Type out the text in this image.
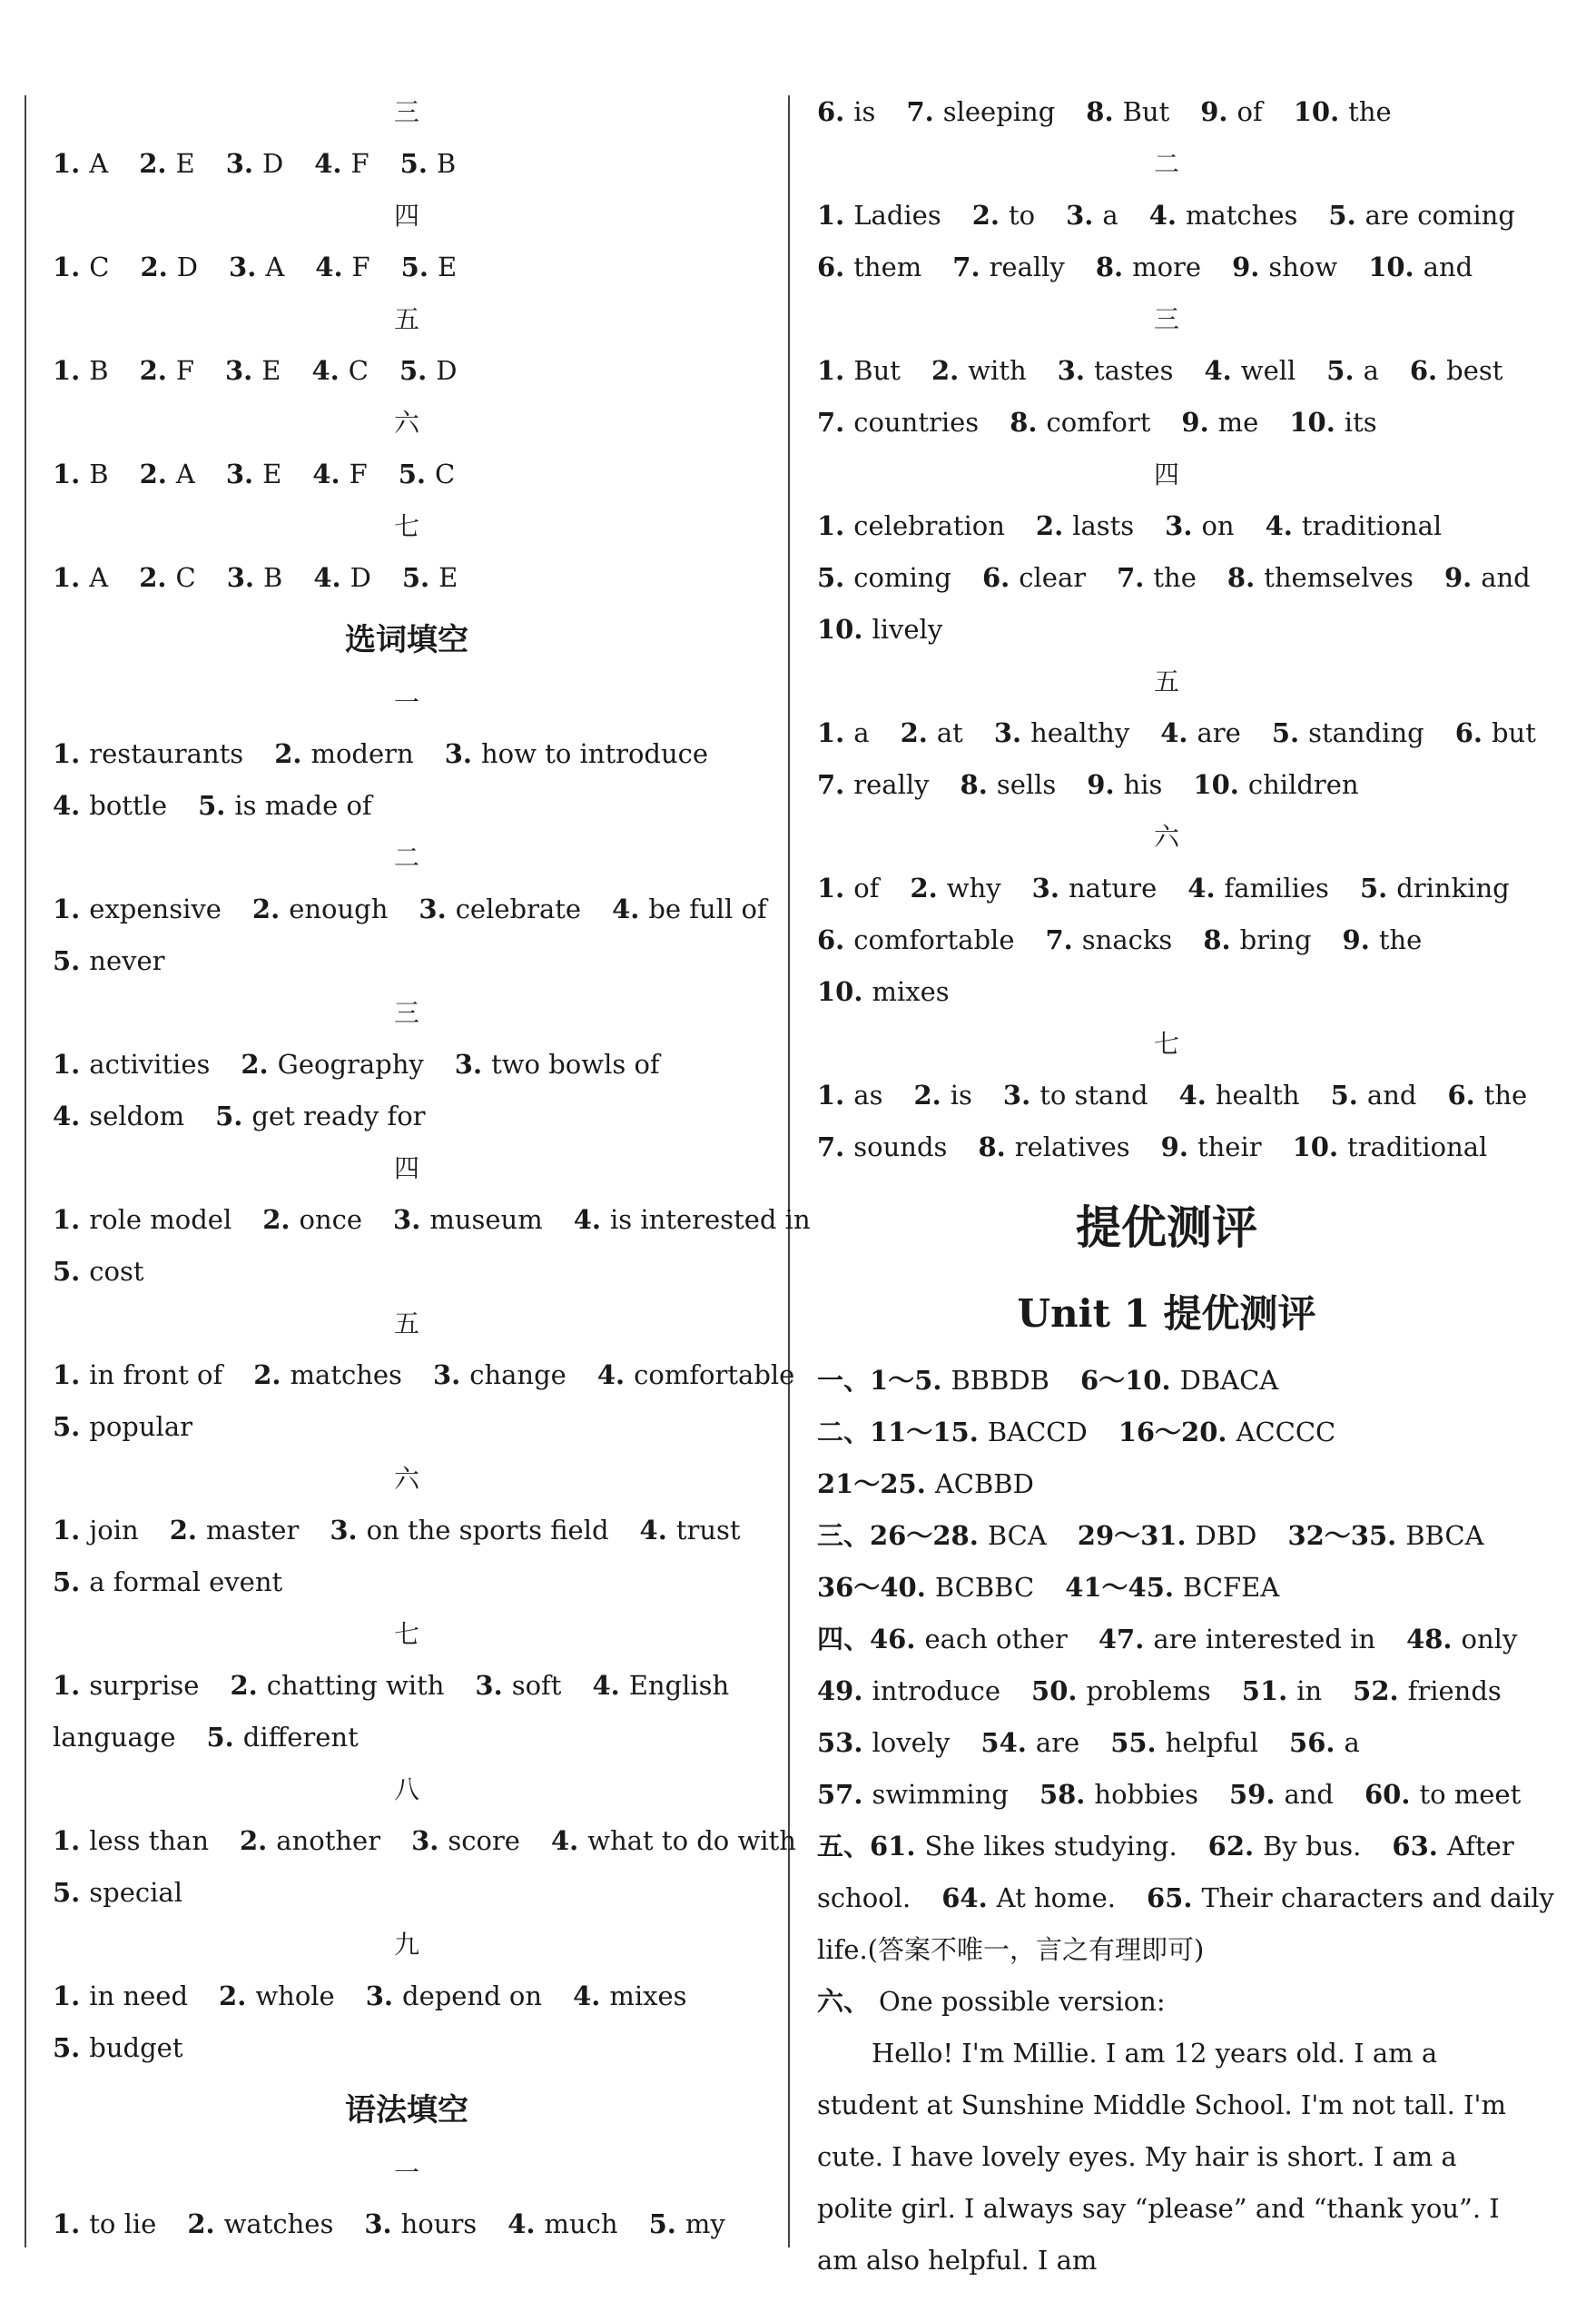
三
1. A 2. E 3. D 4. F 5. B
四
1. C 2. D 3. A 4. F 5. E
五
1. B 2. F 3. E 4. C 5. D
六
1. B 2. A 3. E 4. F 5. C
七
1. A 2. C 3. B 4. D 5. E
选词填空
一
1. restaurants 2. modern 3. how to introduce
4. bottle 5. is made of
二
1. expensive 2. enough 3. celebrate 4. be full of
5. never
三
1. activities 2. Geography 3. two bowls of
4. seldom 5. get ready for
四
1. role model 2. once 3. museum 4. is interested in
5. cost
五
1. in front of 2. matches 3. change 4. comfortable
5. popular
六
1. join 2. master 3. on the sports field 4. trust
5. a formal event
七
1. surprise 2. chatting with 3. soft 4. English
language 5. different
八
1. less than 2. another 3. score 4. what to do with
5. special
九
1. in need 2. whole 3. depend on 4. mixes
5. budget
语法填空
一
1. to lie 2. watches 3. hours 4. much 5. my
6. is 7. sleeping 8. But 9. of 10. the
二
1. Ladies 2. to 3. a 4. matches 5. are coming
6. them 7. really 8. more 9. show 10. and
三
1. But 2. with 3. tastes 4. well 5. a 6. best
7. countries 8. comfort 9. me 10. its
四
1. celebration 2. lasts 3. on 4. traditional
5. coming 6. clear 7. the 8. themselves 9. and
10. lively
五
1. a 2. at 3. healthy 4. are 5. standing 6. but
7. really 8. sells 9. his 10. children
六
1. of 2. why 3. nature 4. families 5. drinking
6. comfortable 7. snacks 8. bring 9. the
10. mixes
七
1. as 2. is 3. to stand 4. health 5. and 6. the
7. sounds 8. relatives 9. their 10. traditional
提优测评
Unit 1 提优测评
一、1～5. BBBDB 6～10. DBACA
二、11～15. BACCD 16～20. ACCCC
21～25. ACBBD
三、26～28. BCA 29～31. DBD 32～35. BBCA
36～40. BCBBC 41～45. BCFEA
四、46. each other 47. are interested in 48. only
49. introduce 50. problems 51. in 52. friends
53. lovely 54. are 55. helpful 56. a
57. swimming 58. hobbies 59. and 60. to meet
五、61. She likes studying. 62. By bus. 63. After
school. 64. At home. 65. Their characters and daily
life.(答案不唯一，言之有理即可)
六、 One possible version:
Hello! I'm Millie. I am 12 years old. I am a student at Sunshine Middle School. I'm not tall. I'm cute. I have lovely eyes. My hair is short. I am a polite girl. I always say “please” and “thank you”. I am also helpful. I am
